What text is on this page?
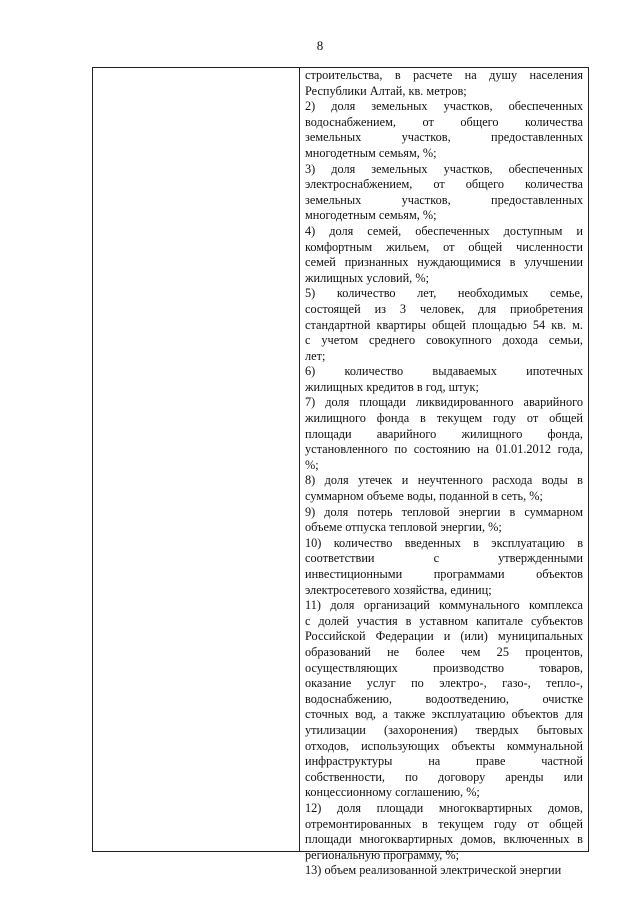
8
строительства, в расчете на душу населения
Республики Алтай, кв. метров;
2) доля земельных участков, обеспеченных
водоснабжением, от общего количества
земельных участков, предоставленных
многодетным семьям, %;
3) доля земельных участков, обеспеченных
электроснабжением, от общего количества
земельных участков, предоставленных
многодетным семьям, %;
4) доля семей, обеспеченных доступным и
комфортным жильем, от общей численности
семей признанных нуждающимися в улучшении
жилищных условий, %;
5) количество лет, необходимых семье,
состоящей из 3 человек, для приобретения
стандартной квартиры общей площадью 54 кв. м.
с учетом среднего совокупного дохода семьи,
лет;
6) количество выдаваемых ипотечных
жилищных кредитов в год, штук;
7) доля площади ликвидированного аварийного
жилищного фонда в текущем году от общей
площади аварийного жилищного фонда,
установленного по состоянию на 01.01.2012 года,
%;
8) доля утечек и неучтенного расхода воды в
суммарном объеме воды, поданной в сеть, %;
9) доля потерь тепловой энергии в суммарном
объеме отпуска тепловой энергии, %;
10) количество введенных в эксплуатацию в
соответствии с утвержденными
инвестиционными программами объектов
электросетевого хозяйства, единиц;
11) доля организаций коммунального комплекса
с долей участия в уставном капитале субъектов
Российской Федерации и (или) муниципальных
образований не более чем 25 процентов,
осуществляющих производство товаров,
оказание услуг по электро-, газо-, тепло-,
водоснабжению, водоотведению, очистке
сточных вод, а также эксплуатацию объектов для
утилизации (захоронения) твердых бытовых
отходов, использующих объекты коммунальной
инфраструктуры на праве частной
собственности, по договору аренды или
концессионному соглашению, %;
12) доля площади многоквартирных домов,
отремонтированных в текущем году от общей
площади многоквартирных домов, включенных в
региональную программу, %;
13) объем реализованной электрической энергии
